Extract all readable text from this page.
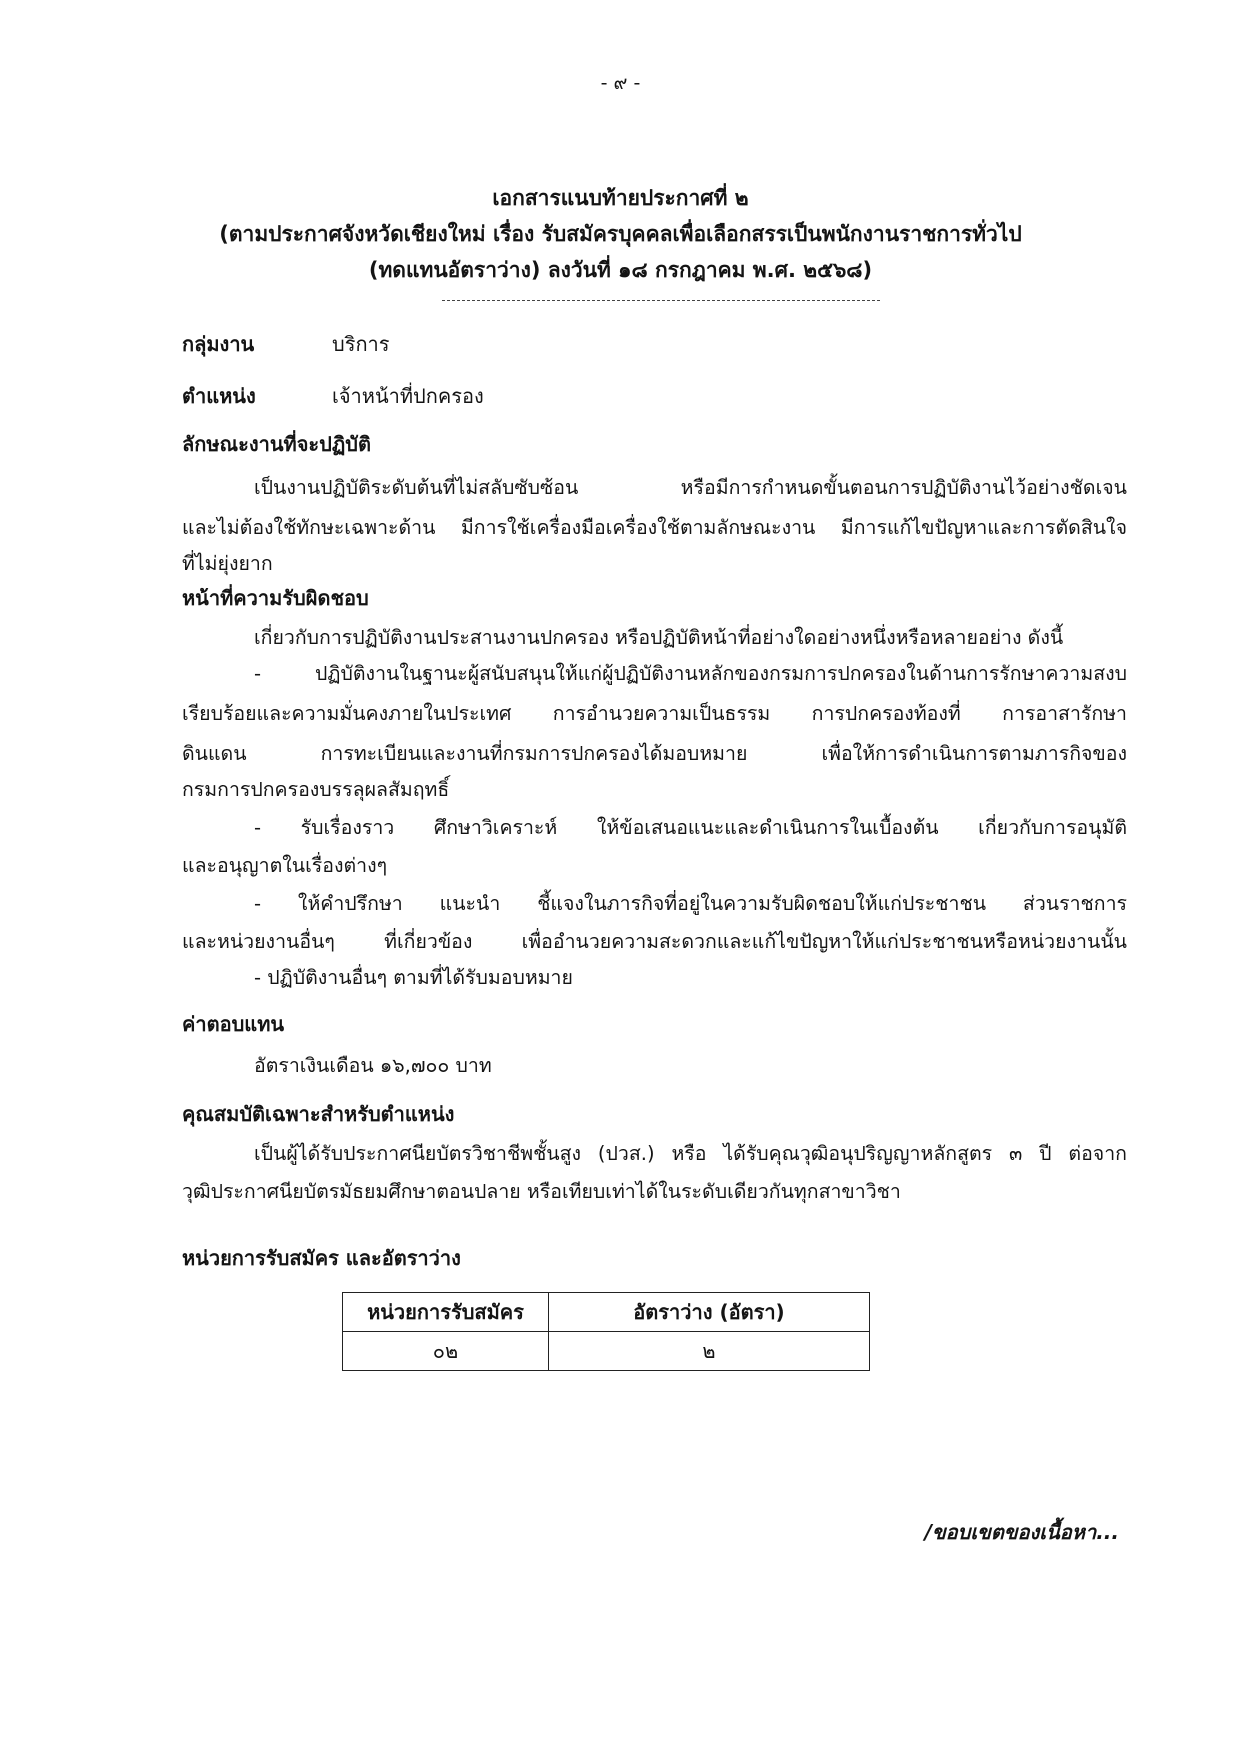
- ๙ -
เอกสารแนบท้ายประกาศที่ ๒
(ตามประกาศจังหวัดเชียงใหม่ เรื่อง รับสมัครบุคคลเพื่อเลือกสรรเป็นพนักงานราชการทั่วไป
(ทดแทนอัตราว่าง) ลงวันที่ ๑๘ กรกฎาคม พ.ศ. ๒๕๖๘)
กลุ่มงาน	บริการ
ตำแหน่ง	เจ้าหน้าที่ปกครอง
ลักษณะงานที่จะปฏิบัติ
เป็นงานปฏิบัติระดับต้นที่ไม่สลับซับซ้อน หรือมีการกำหนดขั้นตอนการปฏิบัติงานไว้อย่างชัดเจน
และไม่ต้องใช้ทักษะเฉพาะด้าน มีการใช้เครื่องมือเครื่องใช้ตามลักษณะงาน มีการแก้ไขปัญหาและการตัดสินใจ
ที่ไม่ยุ่งยาก
หน้าที่ความรับผิดชอบ
เกี่ยวกับการปฏิบัติงานประสานงานปกครอง หรือปฏิบัติหน้าที่อย่างใดอย่างหนึ่งหรือหลายอย่าง ดังนี้
- ปฏิบัติงานในฐานะผู้สนับสนุนให้แก่ผู้ปฏิบัติงานหลักของกรมการปกครองในด้านการรักษาความสงบ
เรียบร้อยและความมั่นคงภายในประเทศ การอำนวยความเป็นธรรม การปกครองท้องที่ การอาสารักษา
ดินแดน การทะเบียนและงานที่กรมการปกครองได้มอบหมาย เพื่อให้การดำเนินการตามภารกิจของ
กรมการปกครองบรรลุผลสัมฤทธิ์
- รับเรื่องราว ศึกษาวิเคราะห์ ให้ข้อเสนอแนะและดำเนินการในเบื้องต้น เกี่ยวกับการอนุมัติ
และอนุญาตในเรื่องต่างๆ
- ให้คำปรึกษา แนะนำ ชี้แจงในภารกิจที่อยู่ในความรับผิดชอบให้แก่ประชาชน ส่วนราชการ
และหน่วยงานอื่นๆ ที่เกี่ยวข้อง เพื่ออำนวยความสะดวกและแก้ไขปัญหาให้แก่ประชาชนหรือหน่วยงานนั้น
- ปฏิบัติงานอื่นๆ ตามที่ได้รับมอบหมาย
ค่าตอบแทน
อัตราเงินเดือน ๑๖,๗๐๐ บาท
คุณสมบัติเฉพาะสำหรับตำแหน่ง
เป็นผู้ได้รับประกาศนียบัตรวิชาชีพชั้นสูง (ปวส.) หรือ ได้รับคุณวุฒิอนุปริญญาหลักสูตร ๓ ปี ต่อจาก
วุฒิประกาศนียบัตรมัธยมศึกษาตอนปลาย หรือเทียบเท่าได้ในระดับเดียวกันทุกสาขาวิชา
หน่วยการรับสมัคร และอัตราว่าง
หน่วยการรับสมัคร	อัตราว่าง (อัตรา)
๐๒	๒
/ขอบเขตของเนื้อหา...
